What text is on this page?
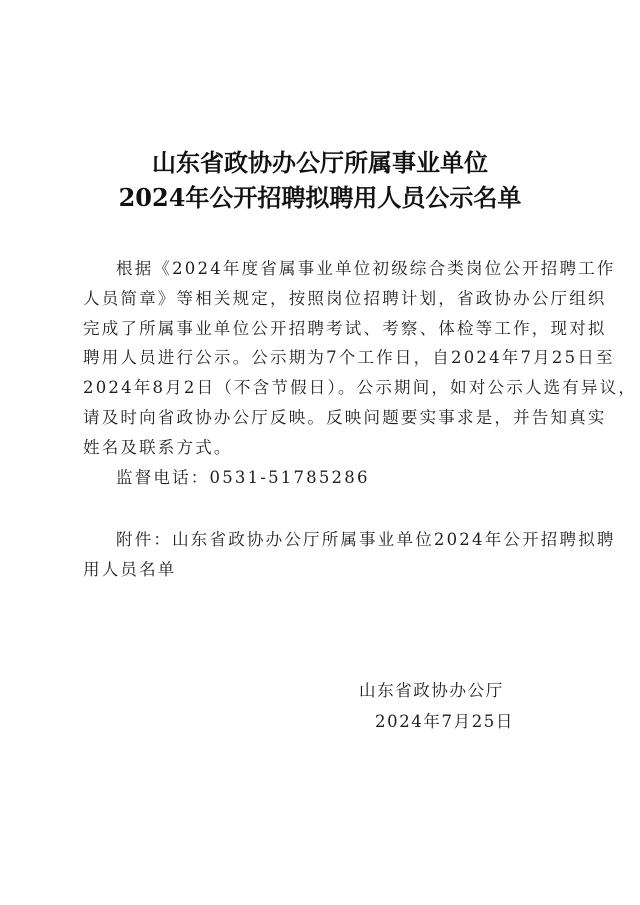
山东省政协办公厅所属事业单位
2024年公开招聘拟聘用人员公示名单
根据《2024年度省属事业单位初级综合类岗位公开招聘工作
人员简章》等相关规定，按照岗位招聘计划，省政协办公厅组织
完成了所属事业单位公开招聘考试、考察、体检等工作，现对拟
聘用人员进行公示。公示期为7个工作日，自2024年7月25日至
2024年8月2日（不含节假日）。公示期间，如对公示人选有异议，
请及时向省政协办公厅反映。反映问题要实事求是，并告知真实
姓名及联系方式。
监督电话：0531-51785286
附件：山东省政协办公厅所属事业单位2024年公开招聘拟聘
用人员名单
山东省政协办公厅
2024年7月25日
